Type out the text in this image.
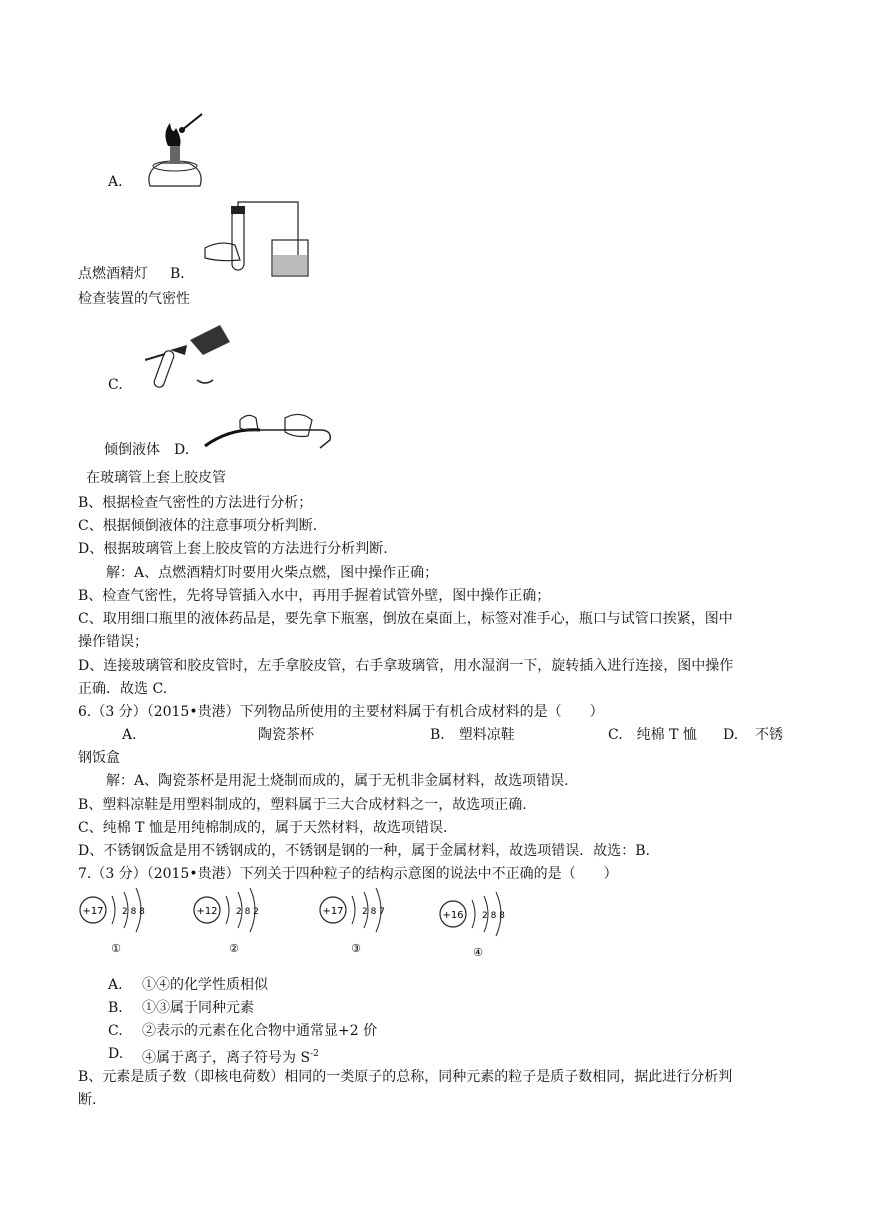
A.
点燃酒精灯 B.
检查装置的气密性
C.
倾倒液体 D.
在玻璃管上套上胶皮管
B、根据检查气密性的方法进行分析；
C、根据倾倒液体的注意事项分析判断.
D、根据玻璃管上套上胶皮管的方法进行分析判断.
解：A、点燃酒精灯时要用火柴点燃，图中操作正确；
B、检查气密性，先将导管插入水中，再用手握着试管外壁，图中操作正确；
C、取用细口瓶里的液体药品是，要先拿下瓶塞，倒放在桌面上，标签对准手心，瓶口与试管口挨紧，图中
操作错误；
D、连接玻璃管和胶皮管时，左手拿胶皮管，右手拿玻璃管，用水湿润一下，旋转插入进行连接，图中操作
正确．故选 C.
6.（3 分）（2015•贵港）下列物品所使用的主要材料属于有机合成材料的是（　　）
A.	陶瓷茶杯	B.　塑料凉鞋	C.　纯棉 T 恤 D. 不锈
钢饭盒
解：A、陶瓷茶杯是用泥土烧制而成的，属于无机非金属材料，故选项错误.
B、塑料凉鞋是用塑料制成的，塑料属于三大合成材料之一，故选项正确.
C、纯棉 T 恤是用纯棉制成的，属于天然材料，故选项错误.
D、不锈钢饭盒是用不锈钢成的，不锈钢是钢的一种，属于金属材料，故选项错误．故选：B.
7.（3 分）（2015•贵港）下列关于四种粒子的结构示意图的说法中不正确的是（　　）
+17 2 8 8
①
+12 2 8 2
②
+17 2 8 7
③
+16 2 8 8
④
A. ①④的化学性质相似
B. ①③属于同种元素
C. ②表示的元素在化合物中通常显+2 价
D. ④属于离子，离子符号为 $S^{-2}$
B、元素是质子数（即核电荷数）相同的一类原子的总称，同种元素的粒子是质子数相同，据此进行分析判
断.
